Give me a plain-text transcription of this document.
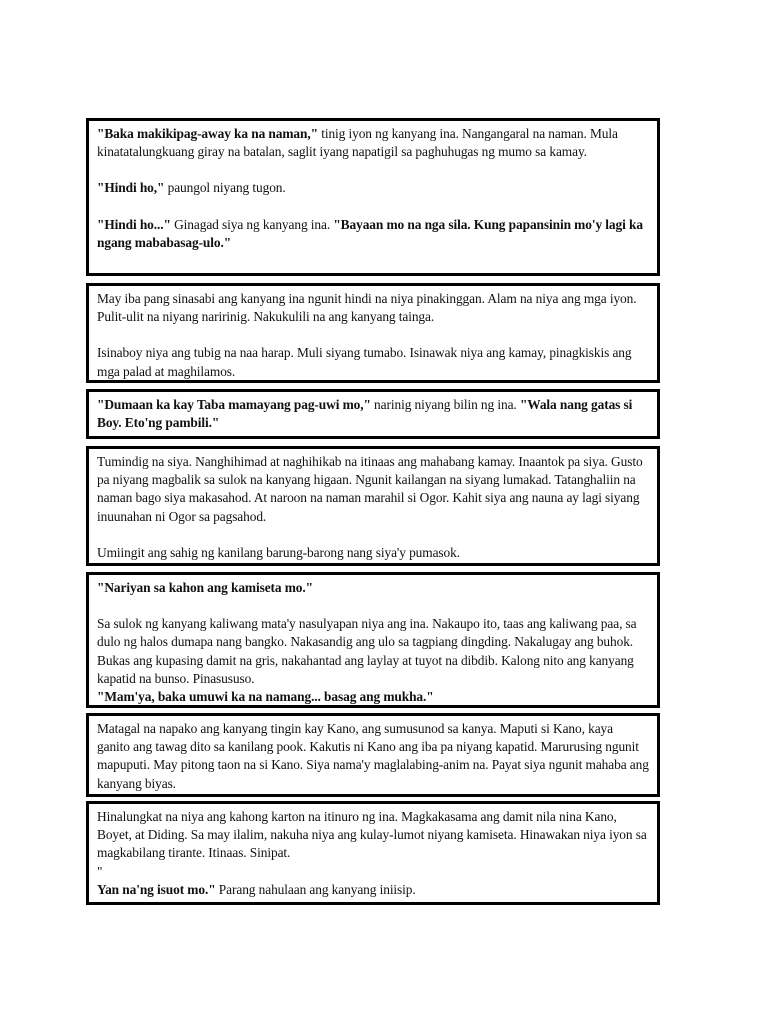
"Baka makikipag-away ka na naman," tinig iyon ng kanyang ina. Nangangaral na naman. Mula kinatatalungkuang giray na batalan, saglit iyang napatigil sa paghuhugas ng mumo sa kamay.

"Hindi ho," paungol niyang tugon.

"Hindi ho..." Ginagad siya ng kanyang ina. "Bayaan mo na nga sila. Kung papansinin mo'y lagi ka ngang mababasag-ulo."

May iba pang sinasabi ang kanyang ina ngunit hindi na niya pinakinggan. Alam na niya ang mga iyon. Pulit-ulit na niyang naririnig. Nakukulili na ang kanyang tainga.

Isinaboy niya ang tubig na naa harap. Muli siyang tumabo. Isinawak niya ang kamay, pinagkiskis ang mga palad at maghilamos.

"Dumaan ka kay Taba mamayang pag-uwi mo," narinig niyang bilin ng ina. "Wala nang gatas si Boy. Eto'ng pambili."

Tumindig na siya. Nanghihimad at naghihikab na itinaas ang mahabang kamay. Inaantok pa siya. Gusto pa niyang magbalik sa sulok na kanyang higaan. Ngunit kailangan na siyang lumakad. Tatanghaliin na naman bago siya makasahod. At naroon na naman marahil si Ogor. Kahit siya ang nauna ay lagi siyang inuunahan ni Ogor sa pagsahod.

Umiingit ang sahig ng kanilang barung-barong nang siya'y pumasok.

"Nariyan sa kahon ang kamiseta mo."

Sa sulok ng kanyang kaliwang mata'y nasulyapan niya ang ina. Nakaupo ito, taas ang kaliwang paa, sa dulo ng halos dumapa nang bangko. Nakasandig ang ulo sa tagpiang dingding. Nakalugay ang buhok. Bukas ang kupasing damit na gris, nakahantad ang laylay at tuyot na dibdib. Kalong nito ang kanyang kapatid na bunso. Pinasususo.
"Mam'ya, baka umuwi ka na namang... basag ang mukha."

Matagal na napako ang kanyang tingin kay Kano, ang sumusunod sa kanya. Maputi si Kano, kaya ganito ang tawag dito sa kanilang pook. Kakutis ni Kano ang iba pa niyang kapatid. Marurusing ngunit mapuputi. May pitong taon na si Kano. Siya nama'y maglalabing-anim na. Payat siya ngunit mahaba ang kanyang biyas.

Hinalungkat na niya ang kahong karton na itinuro ng ina. Magkakasama ang damit nila nina Kano, Boyet, at Diding. Sa may ilalim, nakuha niya ang kulay-lumot niyang kamiseta. Hinawakan niya iyon sa magkabilang tirante. Itinaas. Sinipat.
"
Yan na'ng isuot mo." Parang nahulaan ang kanyang iniisip.
